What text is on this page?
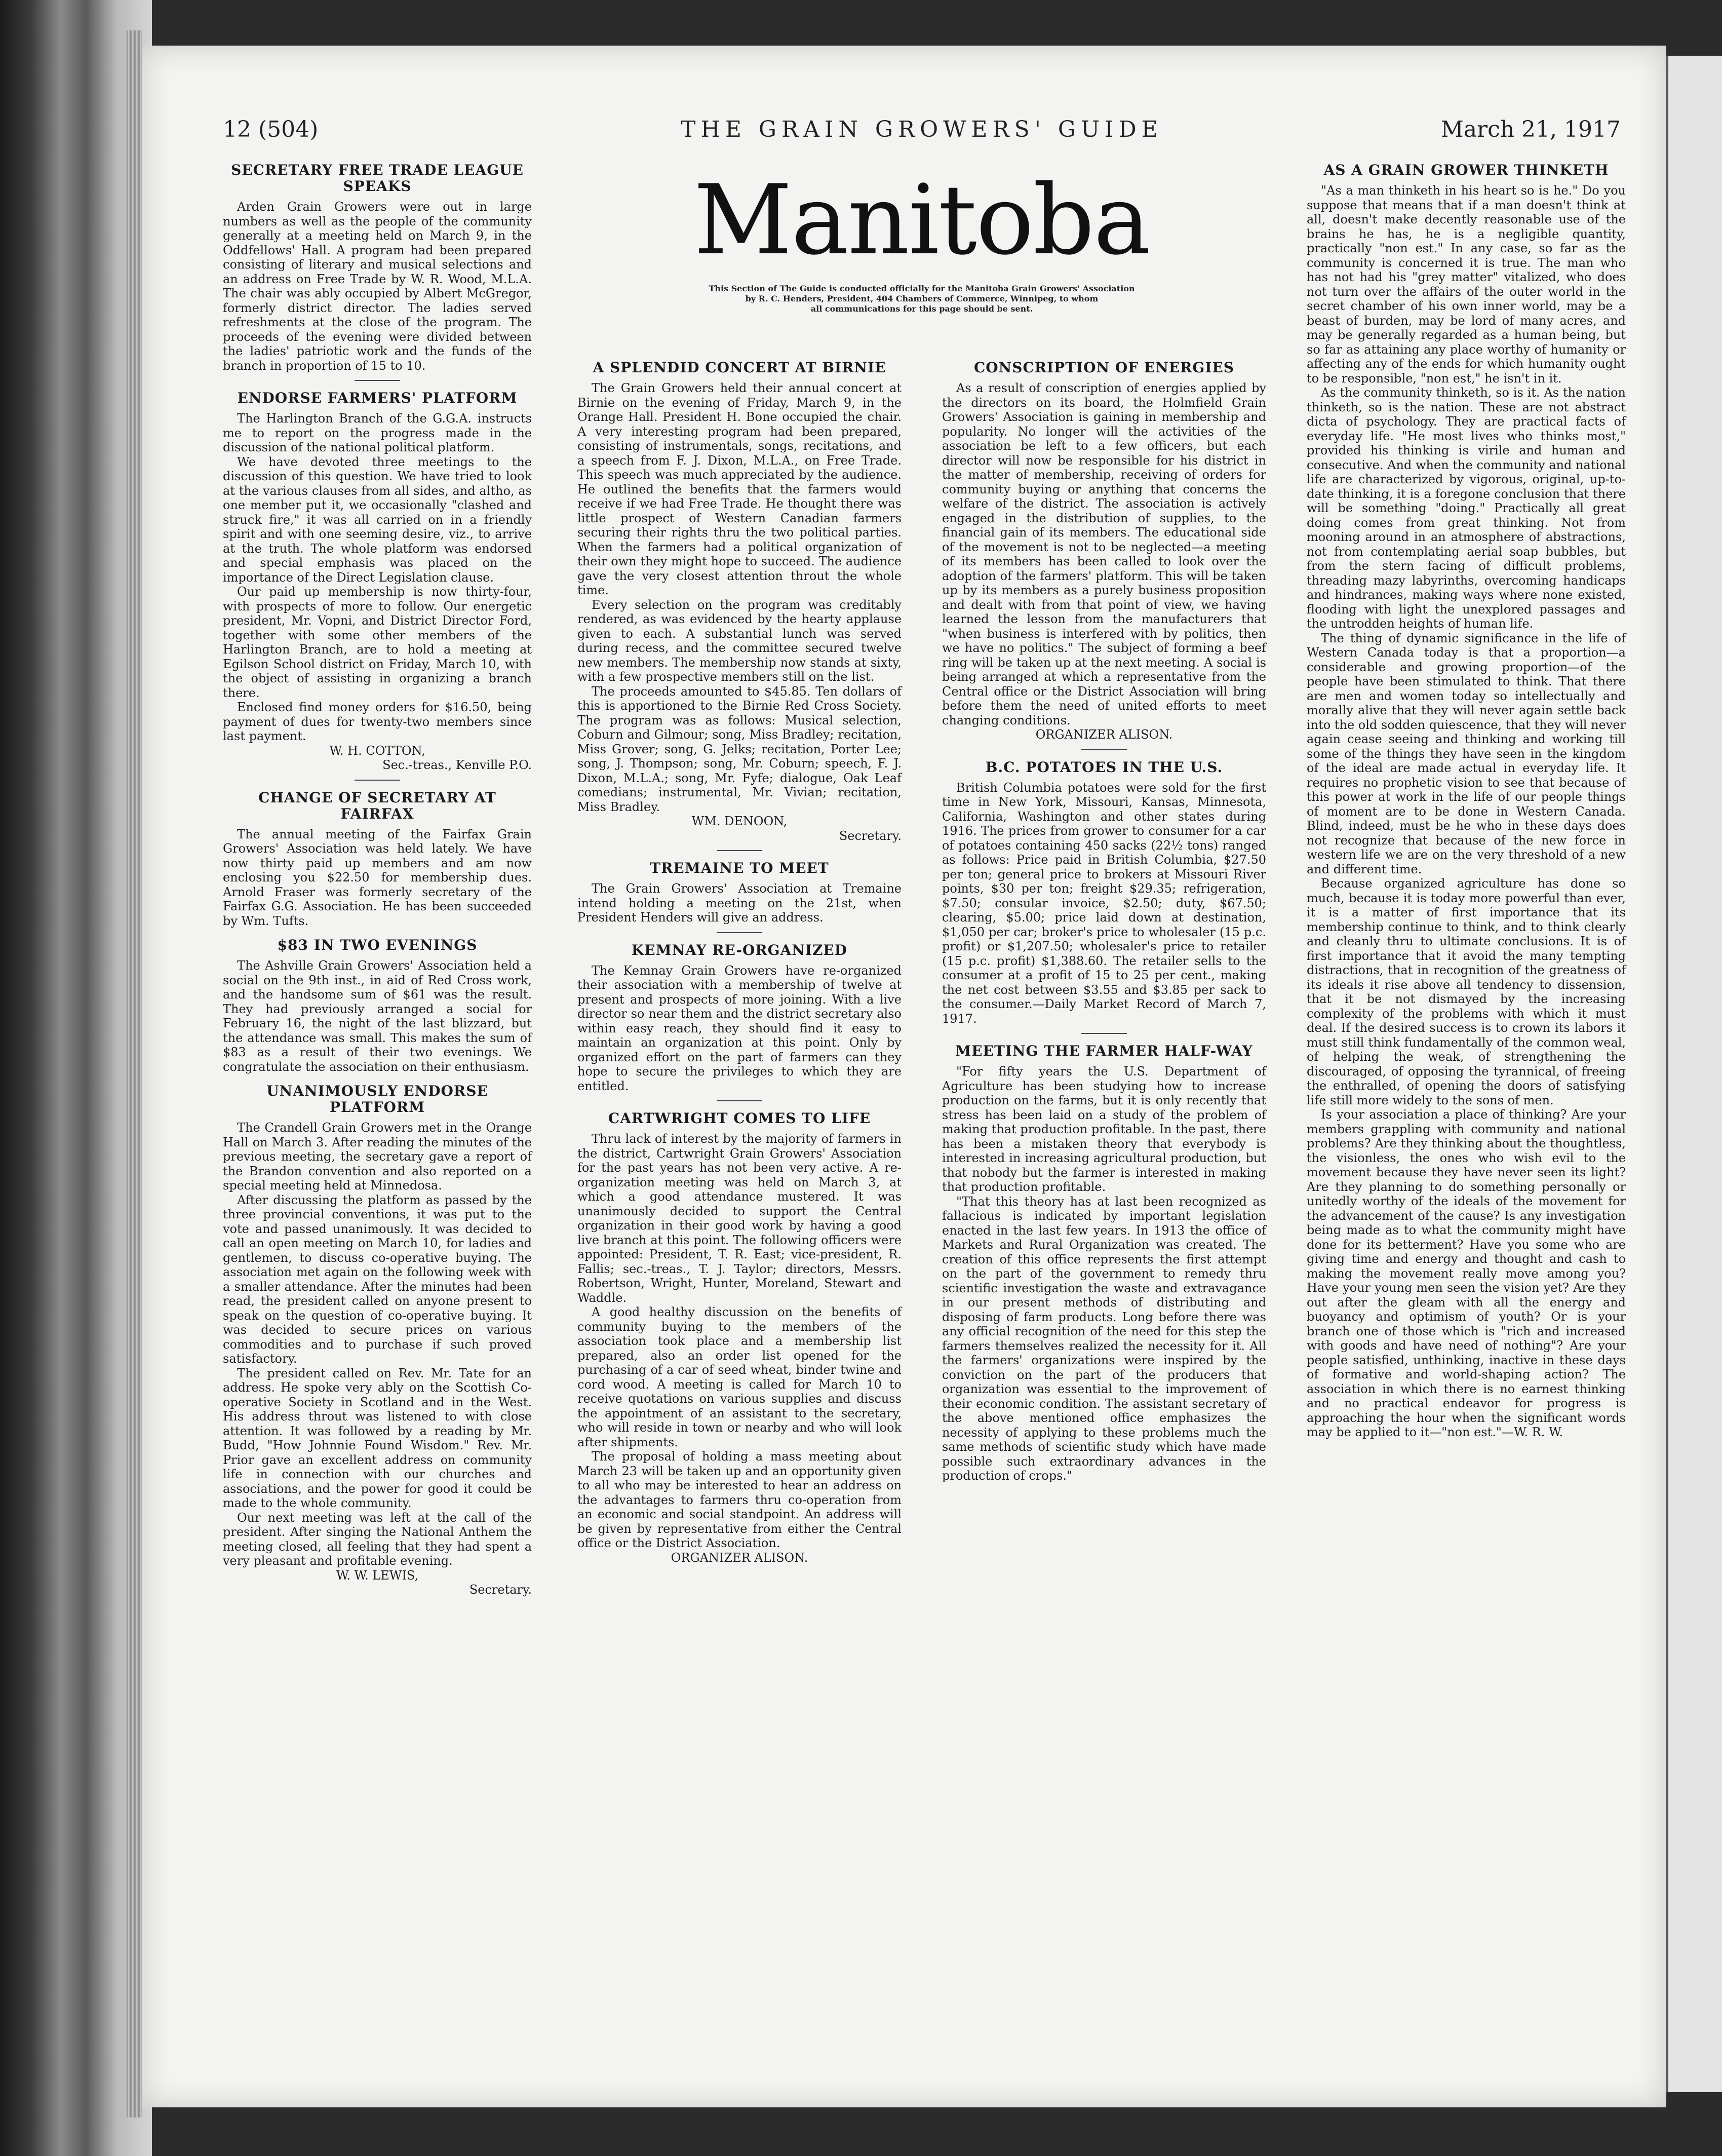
12 (504)	THE GRAIN GROWERS' GUIDE	March 21, 1917
Manitoba
This Section of The Guide is conducted officially for the Manitoba Grain Growers' Association
by R. C. Henders, President, 404 Chambers of Commerce, Winnipeg, to whom
all communications for this page should be sent.
SECRETARY FREE TRADE LEAGUE SPEAKS

Arden Grain Growers were out in large numbers as well as the people of the community generally at a meeting held on March 9, in the Oddfellows' Hall. A program had been prepared consisting of literary and musical selections and an address on Free Trade by W. R. Wood, M.L.A. The chair was ably occupied by Albert McGregor, formerly district director. The ladies served refreshments at the close of the program. The proceeds of the evening were divided between the ladies' patriotic work and the funds of the branch in proportion of 15 to 10.

ENDORSE FARMERS' PLATFORM

The Harlington Branch of the G.G.A. instructs me to report on the progress made in the discussion of the national political platform.

We have devoted three meetings to the discussion of this question. We have tried to look at the various clauses from all sides, and altho, as one member put it, we occasionally "clashed and struck fire," it was all carried on in a friendly spirit and with one seeming desire, viz., to arrive at the truth. The whole platform was endorsed and special emphasis was placed on the importance of the Direct Legislation clause.

Our paid up membership is now thirty-four, with prospects of more to follow. Our energetic president, Mr. Vopni, and District Director Ford, together with some other members of the Harlington Branch, are to hold a meeting at Egilson School district on Friday, March 10, with the object of assisting in organizing a branch there.

Enclosed find money orders for $16.50, being payment of dues for twenty-two members since last payment.

W. H. COTTON,

Sec.-treas., Kenville P.O.

CHANGE OF SECRETARY AT FAIRFAX

The annual meeting of the Fairfax Grain Growers' Association was held lately. We have now thirty paid up members and am now enclosing you $22.50 for membership dues. Arnold Fraser was formerly secretary of the Fairfax G.G. Association. He has been succeeded by Wm. Tufts.

$83 IN TWO EVENINGS

The Ashville Grain Growers' Association held a social on the 9th inst., in aid of Red Cross work, and the handsome sum of $61 was the result. They had previously arranged a social for February 16, the night of the last blizzard, but the attendance was small. This makes the sum of $83 as a result of their two evenings. We congratulate the association on their enthusiasm.

UNANIMOUSLY ENDORSE PLATFORM

The Crandell Grain Growers met in the Orange Hall on March 3. After reading the minutes of the previous meeting, the secretary gave a report of the Brandon convention and also reported on a special meeting held at Minnedosa.

After discussing the platform as passed by the three provincial conventions, it was put to the vote and passed unanimously. It was decided to call an open meeting on March 10, for ladies and gentlemen, to discuss co-operative buying. The association met again on the following week with a smaller attendance. After the minutes had been read, the president called on anyone present to speak on the question of co-operative buying. It was decided to secure prices on various commodities and to purchase if such proved satisfactory.

The president called on Rev. Mr. Tate for an address. He spoke very ably on the Scottish Co-operative Society in Scotland and in the West. His address throut was listened to with close attention. It was followed by a reading by Mr. Budd, "How Johnnie Found Wisdom." Rev. Mr. Prior gave an excellent address on community life in connection with our churches and associations, and the power for good it could be made to the whole community.

Our next meeting was left at the call of the president. After singing the National Anthem the meeting closed, all feeling that they had spent a very pleasant and profitable evening.

W. W. LEWIS,

Secretary.

A SPLENDID CONCERT AT BIRNIE

The Grain Growers held their annual concert at Birnie on the evening of Friday, March 9, in the Orange Hall. President H. Bone occupied the chair. A very interesting program had been prepared, consisting of instrumentals, songs, recitations, and a speech from F. J. Dixon, M.L.A., on Free Trade. This speech was much appreciated by the audience. He outlined the benefits that the farmers would receive if we had Free Trade. He thought there was little prospect of Western Canadian farmers securing their rights thru the two political parties. When the farmers had a political organization of their own they might hope to succeed. The audience gave the very closest attention throut the whole time.

Every selection on the program was creditably rendered, as was evidenced by the hearty applause given to each. A substantial lunch was served during recess, and the committee secured twelve new members. The membership now stands at sixty, with a few prospective members still on the list.

The proceeds amounted to $45.85. Ten dollars of this is apportioned to the Birnie Red Cross Society. The program was as follows: Musical selection, Coburn and Gilmour; song, Miss Bradley; recitation, Miss Grover; song, G. Jelks; recitation, Porter Lee; song, J. Thompson; song, Mr. Coburn; speech, F. J. Dixon, M.L.A.; song, Mr. Fyfe; dialogue, Oak Leaf comedians; instrumental, Mr. Vivian; recitation, Miss Bradley.

WM. DENOON,

Secretary.

TREMAINE TO MEET

The Grain Growers' Association at Tremaine intend holding a meeting on the 21st, when President Henders will give an address.

KEMNAY RE-ORGANIZED

The Kemnay Grain Growers have re-organized their association with a membership of twelve at present and prospects of more joining. With a live director so near them and the district secretary also within easy reach, they should find it easy to maintain an organization at this point. Only by organized effort on the part of farmers can they hope to secure the privileges to which they are entitled.

CARTWRIGHT COMES TO LIFE

Thru lack of interest by the majority of farmers in the district, Cartwright Grain Growers' Association for the past years has not been very active. A re-organization meeting was held on March 3, at which a good attendance mustered. It was unanimously decided to support the Central organization in their good work by having a good live branch at this point. The following officers were appointed: President, T. R. East; vice-president, R. Fallis; sec.-treas., T. J. Taylor; directors, Messrs. Robertson, Wright, Hunter, Moreland, Stewart and Waddle.

A good healthy discussion on the benefits of community buying to the members of the association took place and a membership list prepared, also an order list opened for the purchasing of a car of seed wheat, binder twine and cord wood. A meeting is called for March 10 to receive quotations on various supplies and discuss the appointment of an assistant to the secretary, who will reside in town or nearby and who will look after shipments.

The proposal of holding a mass meeting about March 23 will be taken up and an opportunity given to all who may be interested to hear an address on the advantages to farmers thru co-operation from an economic and social standpoint. An address will be given by representative from either the Central office or the District Association.

ORGANIZER ALISON.

CONSCRIPTION OF ENERGIES

As a result of conscription of energies applied by the directors on its board, the Holmfield Grain Growers' Association is gaining in membership and popularity. No longer will the activities of the association be left to a few officers, but each director will now be responsible for his district in the matter of membership, receiving of orders for community buying or anything that concerns the welfare of the district. The association is actively engaged in the distribution of supplies, to the financial gain of its members. The educational side of the movement is not to be neglected—a meeting of its members has been called to look over the adoption of the farmers' platform. This will be taken up by its members as a purely business proposition and dealt with from that point of view, we having learned the lesson from the manufacturers that "when business is interfered with by politics, then we have no politics." The subject of forming a beef ring will be taken up at the next meeting. A social is being arranged at which a representative from the Central office or the District Association will bring before them the need of united efforts to meet changing conditions.

ORGANIZER ALISON.

B.C. POTATOES IN THE U.S.

British Columbia potatoes were sold for the first time in New York, Missouri, Kansas, Minnesota, California, Washington and other states during 1916. The prices from grower to consumer for a car of potatoes containing 450 sacks (22½ tons) ranged as follows: Price paid in British Columbia, $27.50 per ton; general price to brokers at Missouri River points, $30 per ton; freight $29.35; refrigeration, $7.50; consular invoice, $2.50; duty, $67.50; clearing, $5.00; price laid down at destination, $1,050 per car; broker's price to wholesaler (15 p.c. profit) or $1,207.50; wholesaler's price to retailer (15 p.c. profit) $1,388.60. The retailer sells to the consumer at a profit of 15 to 25 per cent., making the net cost between $3.55 and $3.85 per sack to the consumer.—Daily Market Record of March 7, 1917.

MEETING THE FARMER HALF-WAY

"For fifty years the U.S. Department of Agriculture has been studying how to increase production on the farms, but it is only recently that stress has been laid on a study of the problem of making that production profitable. In the past, there has been a mistaken theory that everybody is interested in increasing agricultural production, but that nobody but the farmer is interested in making that production profitable.

"That this theory has at last been recognized as fallacious is indicated by important legislation enacted in the last few years. In 1913 the office of Markets and Rural Organization was created. The creation of this office represents the first attempt on the part of the government to remedy thru scientific investigation the waste and extravagance in our present methods of distributing and disposing of farm products. Long before there was any official recognition of the need for this step the farmers themselves realized the necessity for it. All the farmers' organizations were inspired by the conviction on the part of the producers that organization was essential to the improvement of their economic condition. The assistant secretary of the above mentioned office emphasizes the necessity of applying to these problems much the same methods of scientific study which have made possible such extraordinary advances in the production of crops."

AS A GRAIN GROWER THINKETH

"As a man thinketh in his heart so is he." Do you suppose that means that if a man doesn't think at all, doesn't make decently reasonable use of the brains he has, he is a negligible quantity, practically "non est." In any case, so far as the community is concerned it is true. The man who has not had his "grey matter" vitalized, who does not turn over the affairs of the outer world in the secret chamber of his own inner world, may be a beast of burden, may be lord of many acres, and may be generally regarded as a human being, but so far as attaining any place worthy of humanity or affecting any of the ends for which humanity ought to be responsible, "non est," he isn't in it.

As the community thinketh, so is it. As the nation thinketh, so is the nation. These are not abstract dicta of psychology. They are practical facts of everyday life. "He most lives who thinks most," provided his thinking is virile and human and consecutive. And when the community and national life are characterized by vigorous, original, up-to-date thinking, it is a foregone conclusion that there will be something "doing." Practically all great doing comes from great thinking. Not from mooning around in an atmosphere of abstractions, not from contemplating aerial soap bubbles, but from the stern facing of difficult problems, threading mazy labyrinths, overcoming handicaps and hindrances, making ways where none existed, flooding with light the unexplored passages and the untrodden heights of human life.

The thing of dynamic significance in the life of Western Canada today is that a proportion—a considerable and growing proportion—of the people have been stimulated to think. That there are men and women today so intellectually and morally alive that they will never again settle back into the old sodden quiescence, that they will never again cease seeing and thinking and working till some of the things they have seen in the kingdom of the ideal are made actual in everyday life. It requires no prophetic vision to see that because of this power at work in the life of our people things of moment are to be done in Western Canada. Blind, indeed, must be he who in these days does not recognize that because of the new force in western life we are on the very threshold of a new and different time.

Because organized agriculture has done so much, because it is today more powerful than ever, it is a matter of first importance that its membership continue to think, and to think clearly and cleanly thru to ultimate conclusions. It is of first importance that it avoid the many tempting distractions, that in recognition of the greatness of its ideals it rise above all tendency to dissension, that it be not dismayed by the increasing complexity of the problems with which it must deal. If the desired success is to crown its labors it must still think fundamentally of the common weal, of helping the weak, of strengthening the discouraged, of opposing the tyrannical, of freeing the enthralled, of opening the doors of satisfying life still more widely to the sons of men.

Is your association a place of thinking? Are your members grappling with community and national problems? Are they thinking about the thoughtless, the visionless, the ones who wish evil to the movement because they have never seen its light? Are they planning to do something personally or unitedly worthy of the ideals of the movement for the advancement of the cause? Is any investigation being made as to what the community might have done for its betterment? Have you some who are giving time and energy and thought and cash to making the movement really move among you? Have your young men seen the vision yet? Are they out after the gleam with all the energy and buoyancy and optimism of youth? Or is your branch one of those which is "rich and increased with goods and have need of nothing"? Are your people satisfied, unthinking, inactive in these days of formative and world-shaping action? The association in which there is no earnest thinking and no practical endeavor for progress is approaching the hour when the significant words may be applied to it—"non est."—W. R. W.
